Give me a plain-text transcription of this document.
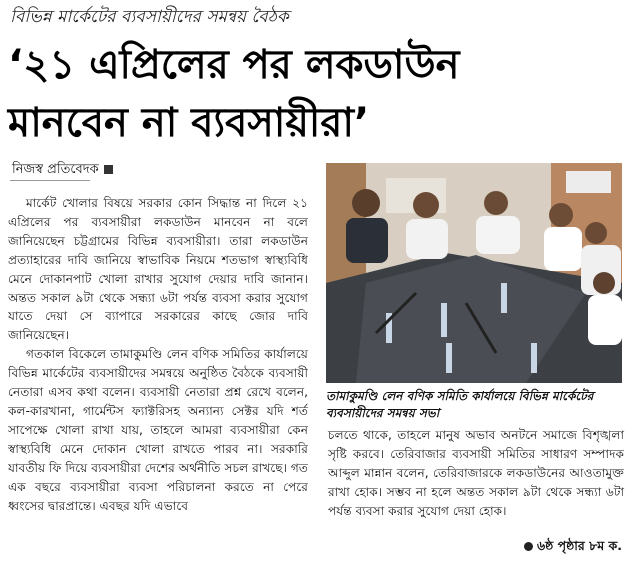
বিভিন্ন মার্কেটের ব্যবসায়ীদের সমন্বয় বৈঠক
‘২১ এপ্রিলের পর লকডাউন
মানবেন না ব্যবসায়ীরা’
নিজস্ব প্রতিবেদক

মার্কেট খোলার বিষয়ে সরকার কোন সিদ্ধান্ত না দিলে ২১ এপ্রিলের পর ব্যবসায়ীরা লকডাউন মানবেন না বলে জানিয়েছেন চট্টগ্রামের বিভিন্ন ব্যবসায়ীরা। তারা লকডাউন প্রত্যাহারের দাবি জানিয়ে স্বাভাবিক নিয়মে শতভাগ স্বাস্থ্যবিধি মেনে দোকানপাট খোলা রাখার সুযোগ দেয়ার দাবি জানান। অন্তত সকাল ৯টা থেকে সন্ধ্যা ৬টা পর্যন্ত ব্যবসা করার সুযোগ যাতে দেয়া সে ব্যাপারে সরকারের কাছে জোর দাবি জানিয়েছেন।

গতকাল বিকেলে তামাকুমণ্ডি লেন বণিক সমিতির কার্যালয়ে বিভিন্ন মার্কেটের ব্যবসায়ীদের সমন্বয়ে অনুষ্ঠিত বৈঠকে ব্যবসায়ী নেতারা এসব কথা বলেন। ব্যবসায়ী নেতারা প্রশ্ন রেখে বলেন, কল-কারখানা, গার্মেন্টস ফ্যাক্টরিসহ অন্যান্য সেক্টর যদি শর্ত সাপেক্ষে খোলা রাখা যায়, তাহলে আমরা ব্যবসায়ীরা কেন স্বাস্থ্যবিধি মেনে দোকান খোলা রাখতে পারব না। সরকারি যাবতীয় ফি দিয়ে ব্যবসায়ীরা দেশের অর্থনীতি সচল রাখছে। গত এক বছরে ব্যবসায়ীরা ব্যবসা পরিচালনা করতে না পেরে ধ্বংসের দ্বারপ্রান্তে। এবছর যদি এভাবে

তামাকুমণ্ডি লেন বণিক সমিতি কার্যালয়ে বিভিন্ন মার্কেটের ব্যবসায়ীদের সমন্বয় সভা

চলতে থাকে, তাহলে মানুষ অভাব অনটনে সমাজে বিশৃঙ্খলা সৃষ্টি করবে। তেরিবাজার ব্যবসায়ী সমিতির সাধারণ সম্পাদক আব্দুল মান্নান বলেন, তেরিবাজারকে লকডাউনের আওতামুক্ত রাখা হোক। সম্ভব না হলে অন্তত সকাল ৯টা থেকে সন্ধ্যা ৬টা পর্যন্ত ব্যবসা করার সুযোগ দেয়া হোক।

৬ষ্ঠ পৃষ্ঠার ৮ম ক.
